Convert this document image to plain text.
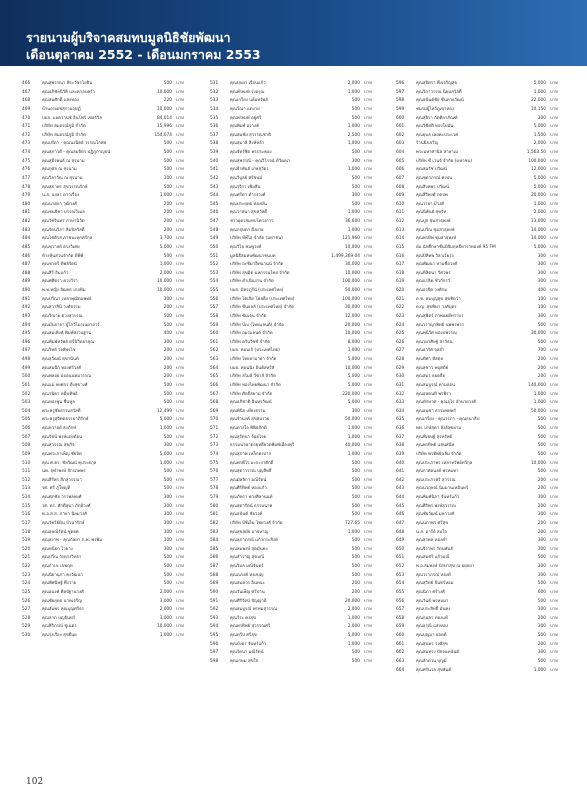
รายนามผู้บริจาคสมทบมูลนิธิชัยพัฒนา
เดือนตุลาคม 2552 - เดือนมกราคม 2553
466	คุณสุพรรณา พิระวัชรโยธิน	500 บาท
467	คุณอภิชัยนิวัติ และครอบครัว	10,000 บาท
468	คุณสมศักดิ์ แสงทอง	220 บาท
469	บ้านอรเดชสุรามฤษฏี	10,000 บาท
470	บมจ. แอดวานซ์ อินโฟร์ เซอร์วิส	84,014 บาท
471	บริษัท สมอรณ์ภูมิ จำกัด	15,996 บาท
472	บริษัท สมอรณ์ภูมิ จำกัด	154,074 บาท
473	คุณปรีดา - คุณนงนิตย์ วรรณโกศล	500 บาท
474	คุณสุภาวดี - คุณสมจิตร ปฏิภูกาญจน์	500 บาท
475	คุณสุธีรพนธ์ ณ สุรนาม	500 บาท
476	คุณกุศล ณ สุรนาม	500 บาท
477	คุณวิลาวัณ ณ สุรนาม	100 บาท
478	คุณสุภาพร สุขวรรณรักษ์	500 บาท
479	น.ส. นงลร ดาวเรือง	1,000 บาท
480	คุณนาตยา วุฒิวงศ์	200 บาท
481	คุณชนธิชา บรรณวิเมล	200 บาท
482	คุณวัชรินทร ภาษานิวัต	200 บาท
483	คุณรัตนวิภา ลิมปิสวัสดิ์	200 บาท
484	คุณโชติรส ภาชนะทุกศรีกุล	3,700 บาท
485	คุณชุวาลย์ ตรงวิเศษ	5,000 บาท
486	ห้างหุ้นส่วนจำกัด ดีพีพี	500 บาท
487	คุณชาตรี ทิพย์รัตน์	1,000 บาท
488	คุณสิรี อิ่มแก้ว	2,000 บาท
489	คุณศศิตรา ควงวีรา	10,000 บาท
490	พ.ท.หญิง อัฒพร เกอทิม	10,000 บาท
491	คุณปวีณา เหล่าพุฒิตแพทย์	300 บาท
492	คุณสุวาสินี วงศ์ธรรม	200 บาท
493	คุณวิณาย ตวงสุวรรณ	500 บาท
494	คุณมันจาจา ผู้ไกว์ไมรเนยาอาร์	500 บาท
495	คุณสมเพิงค์ พิมพ์สงวนฐาน	400 บาท
496	คุณพิมพ์ทรัพย์ ตรีนิวิทยาคุณ	300 บาท
497	คุณวิทย์ วงศ์พรโช	200 บาท
498	คุณสุวัฒน์ สุขานันท์	200 บาท
499	คุณสมนึก ทองศรีวงศ์	200 บาท
500	คุณพลอย อ่ออนนทมวรรณ	200 บาท
501	คุณแม่ พงศกร ตั้งสุขวงศ์	500 บาท
502	คุณวนิดา หมื่นทิพย์	500 บาท
503	คุณทองพูน ชื่นทูล	500 บาท
504	พระครูชัยธรรมสวัสดิ์	12,499 บาท
505	พระครูสุจิตตธรรมาภิรักษ์	5,000 บาท
506	คุณหวาลย์ สงภักษ์	1,000 บาท
507	คุณรัชนี พงษ์แต่งต้อน	500 บาท
508	คุณสุวรรณ สุขกิจ	300 บาท
509	คุณพระภาเพ็ญ ชัยบิต	5,000 บาท
510	คุณ ศ.ดร. ชัยวัฒน์ คุประตกุล	1,000 บาท
511	นพ. จุฬาพงษ์ จักรภพพร	500 บาท
512	คุณสิรีพร สีภสุวรรณา	500 บาท
513	รศ. ศรี ภู่ใหญ่ดี	500 บาท
514	คุณศุภชัย วราพลพงศ์	300 บาท
515	รศ. ดร. ศักดิ์สุนา ภักดีวงศ์	300 บาท
516	พ.อ.ส.ส. ภาษา นิยมวงศ์	300 บาท
517	คุณวัชรีย์มิน บัวนารักษ์	300 บาท
518	คุณอุษณีรัตน์ ชูตยศ	300 บาท
519	คุณสงาพ - คุณกัลยา ภ.พ. พรพิม	100 บาท
520	คุณหนี่ยก ไวยาง	300 บาท
521	คุณปวีณ วังทรงวิทยา	500 บาท
522	คุณกำปะ เจพฤท	500 บาท
523	คุณนิยามุภา คงวัฒนา	500 บาท
524	คุณพิศนิษฐ์ พึ่งวาย	500 บาท
525	คุณอนงค์ ศิลป์ฐานวงศ์	2,000 บาท
526	คุณชัยยุทธ นาคเจริญ	3,000 บาท
527	คุณอัมพร คุณบุญศรีธร	2,000 บาท
528	คุณลาภ บุญจันทร์	3,000 บาท
529	คุณสิริภรณ์ ชูเนตร	10,000 บาท
530	คุณรุ่งเรือง สุขยืนย	1,000 บาท
531	คุณบุบผา เรือนแก้ว	2,000 บาท
532	คุณพีรพงษ์ รุ่งอรุณ	1,000 บาท
533	คุณเกรียง แย้มทรัพย์	500 บาท
534	คุณวีณา แตงาย	500 บาท
535	คุณพรพงษ์ อยู่ศรี	500 บาท
536	คุณพิมพ์ อรวงค์	1,000 บาท
537	คุณสมชัย สุวรรณชาติ	2,500 บาท
538	คุณสุมาลี สิงห์หล้า	1,000 บาท
539	คุณจัทร์ชิต พรประคอง	500 บาท
540	คุณสุพรรณี - คุณวิโรจน์ ดีวัฒนา	300 บาท
541	คุณธีรพันธ์ เกษสุวัตร	1,000 บาท
542	คุณวิบูลย์ ศรีชนม์	500 บาท
543	คุณรุจิรา เพิ่มสิน	500 บาท
544	คุณศรีดา ดำรงวงศ์	300 บาท
545	คุณประยุทธ ทองมั่น	500 บาท
546	คุณวาสนา สุขสวัสดิ์	1,000 บาท
547	ชาวอุดรสมทบโครงการ	36,600 บาท
548	คุณกฤษดา ผึ่งผาย	1,000 บาท
549	บริษัท ทีพีไอ จำกัด (มหาชน)	121,960 บาท
550	คุณวิไล ชมพูวงศ์	10,000 บาท
551	มูลนิธิสมทบพัฒนาชนบท	1,499,369.04 บาท
552	บริษัท อะชิมาอิทนานน์ จำกัด	30,000 บาท
553	บริษัท สุขุมิต มหกรรมไทย จำกัด	10,000 บาท
554	บริษัท ดำเนินงาน จำกัด	100,000 บาท
555	บมจ. มิตรภูรีน์ (ประเทศไทย)	50,000 บาท
556	บริษัท โตเกิด โฮลดิ้ง (ประเทศไทย)	100,000 บาท
557	บริษัท ซีนอลล์ (ประเทศไทย) จำกัด	30,000 บาท
558	บริษัท ซัมเจน จำกัด	12,000 บาท
559	บริษัท บีเบ (ไทยแลนด์) จำกัด	20,000 บาท
560	บริษัท อมรแลนด์ จำกัด	10,000 บาท
561	บริษัท ตรันวิชช์ จำกัด	8,000 บาท
562	บมจ. คอมเก้ (ประเทศไทย)	1,000 บาท
563	บริษัท ไทยยามาฮ่า จำกัด	5,000 บาท
564	บมจ. คอนนิ่ง อินดัสทรีส์	10,000 บาท
565	บริษัท สไมล์ วีซ่าส์ จำกัด	5,000 บาท
566	บริษัท ทองไทยพัฒนา จำกัด	5,000 บาท
567	บริษัท ศักดิ์สยาม จำกัด	220,000 บาท
568	คุณอภิชาติ อินทรวัฒน์	5,000 บาท
569	คุณพินิจ เที่ยงธรรม	300 บาท
570	คุณจำนงค์ สุขสมรวย	50,000 บาท
571	คุณดวงใจ พิพิธภักดี	1,000 บาท
572	คุณสุรัตนา จ้อยไจย	1,000 บาท
573	ธรรมนาคาตรยุทธิ์ยวดพิมพ์เมืองพุรี	40,000 บาท
574	คุณสุภาพ เหล็กคงปาก	1,000 บาท
575	คุณพรพิไร มะกะงาศักดิ์	500 บาท
576	คุณสุดาวรรณ บุญสิทธิ์	500 บาท
577	คุณมัลลิกา มณีรัตน์	500 บาท
578	คุณศิริทิพย์ ทองแก้ว	500 บาท
579	คุณภัทรา พวงศิลานนท์	500 บาท
580	คุณสุดารัตน์ ธรรมนาค	500 บาท
581	คุณอนันต์ ชัยวงค์	500 บาท
582	บริษัท บีซีเอ็ม ไชยวงศ์ จำกัด	727.65 บาท
583	คุณสุขสมัย อาจหาญ	1,000 บาท
584	คุณสุภาภรณ์ แก้วกระสิงห์	500 บาท
585	คุณสมพงษ์ สุดมั่นคง	500 บาท
586	คุณสำราญ สุขมณี	500 บาท
587	คุณวิมล มณีจันทร์	500 บาท
588	คุณณรงค์ ทองบุญ	500 บาท
589	คุณสมควร อินทนะ	200 บาท
590	คุณวันเพ็ญ ศรีปาน	200 บาท
591	คุณศิริรัตน์ ปัญญาดี	20,000 บาท
592	คุณสมบูรณ์ พรหมสุวรรณ	2,000 บาท
593	คุณวีระ คงสุข	1,000 บาท
594	คุณพรทิพย์ สุวรรณศรี	2,000 บาท
595	คุณทวีป ศรีสุข	5,000 บาท
596	คุณบังอร จันทร์แก้ว	1,000 บาท
597	คุณรัตนา มณีรัตน์	500 บาท
598	คุณเกษม สุขใจ	500 บาท
596	คุณสุจิตรา พึ่งเจริญสุข	5,000 บาท
597	คุณวิภาวรรณ นิยมสวัสดิ์	1,000 บาท
598	คุณอนันต์ชัย ชั้นทวยวัฒน์	22,000 บาท
599	ชมรมผู้ไหว้ภูเขาทอง	10,150 บาท
600	คุณสุจิรา กัตติยาภัณฑ์	300 บาท
601	คุณวิชิตติ ทองใบมั่น	5,000 บาท
602	คุณยุบล เลอคะประเวศ	1,500 บาท
603	ร้านยิ่งเจริญ	2,000 บาท
604	พระมหาศานิล สาลาเม	1,563.50 บาท
605	บริษัท ซี เวนจ์ จำกัด (มหาชน)	100,000 บาท
606	คุณสมรัช ปวัฒน์	12,000 บาท
607	คุณชุดาภรณ์ คงปน	5,000 บาท
608	คุณสิงหพร ปวัฒน์	5,000 บาท
609	คุณสิริพงศ์ กตปพ	20,000 บาท
610	คุณวรยา มีวงศ์	1,000 บาท
611	คุณนิพันธ์ สุหรัท	2,000 บาท
612	คุณปูจ ชุมสาธุพงษ์	13,000 บาท
613	คุณปวีณ ชุมสาธุพงษ์	10,000 บาท
614	คุณพรทิพ ชุมสาธุพงษ์	10,000 บาท
615	ต่อ.นักศึกษาชั้นปีสัมฤทธิ์ทาราทองค์ 95 FM	5,000 บาท
616	คุณปิทิทพ วิลาเรียรุ่ง	300 บาท
617	คุณพัฒนา หามชื่อวงศ์	300 บาท
618	คุณทิลิตนา วิศวพร	300 บาท
619	คุณแรลิค ชีวกักรว์	300 บาท
620	คุณอรจิต วงศ์กม	400 บาท
621	ด.ช. สมบุญสุข สุขชิตว่า	100 บาท
622	ด.ญ. สุขพิทา วงศ์บุตร	100 บาท
623	คุณสุพิตร์ ภาพแยตีทราบร	300 บาท
624	คุณวราญาพิทย์ นพพรพรร	500 บาท
625	คุณพนีวีศ ทองปพรรณ	30,000 บาท
626	คุณวยาศิษฐ์ สาวัธน	500 บาท
627	คุณอารัศ จุลย่ำ	700 บาท
628	คุณทิศา ทัสตุล	200 บาท
629	คุณสุชาว พบุศตีย์	200 บาท
630	คุณสมร ยอดลือ	200 บาท
631	คุณสมบูรณ์ ค่ามออน	140,000 บาท
632	คุณอุหตนทิ พรพิรว	1,000 บาท
633	คุณทักษาศ - คุณอุไร อำนวยวงศ์	1,000 บาท
634	คุณอนุชา ธรรมพทพร์	50,000 บาท
635	คุณเกรียง - คุณวรภา - คุณธนาธิป	500 บาท
636	พท. เกษ์สุดา ลังธ์สุขยาม	500 บาท
637	คุณพิเชษฐ์ สุรทรัพย์	500 บาท
638	คุณพรทิพย์ แสนสนิท	500 บาท
639	บริษัท พรทิพย์ฉลิม จำกัด	500 บาท
640	คุณประภาพร เหล่าทรัพย์ทวีกุล	10,000 บาท
641	คุณกาศอนงค์ พรหมทา	500 บาท
642	คุณประภาศรี สุวรรณ	200 บาท
643	คุณนวฤษณ์ นิมมานเหมินทร์	200 บาท
644	คุณพิมพ์นิภา จันทร์แก้ว	300 บาท
645	คุณศิริพร พงษ์สุวรรณ	200 บาท
646	คุณชัยวัฒน์ มหาวงศ์	300 บาท
647	คุณนภาพร ศรีสุข	200 บาท
648	น.ส. อารีย์ สมใจ	200 บาท
649	คุณสุรพล ทองคำ	300 บาท
650	คุณจิราพร รัตนพันธ์	300 บาท
651	คุณสมศรี แก้วมณี	500 บาท
652	พ.อ.สมพงษ์ ปักษาสุข ณ อยุธยา	300 บาท
653	คุณวราภรณ์ ทองดี	300 บาท
654	คุณสุวิทย์ จันทร์หอม	500 บาท
655	คุณนิภา ศรีวงศ์	600 บาท
656	คุณวันดี พรหมมา	500 บาท
657	คุณประสิทธิ์ มั่นคง	300 บาท
658	คุณกมลา ทองแท้	200 บาท
659	คุณอรุณี แสงทอง	300 บาท
660	คุณบุญมา ยอดดี	500 บาท
661	คุณสุนทร วงศ์สุข	200 บาท
662	คุณสมทรง ปัจจนทนันต์	300 บาท
663	คุณลำดวน บุญมี	500 บาท
664	คุณศรีนวล สุขสันต์	1,000 บาท
102
